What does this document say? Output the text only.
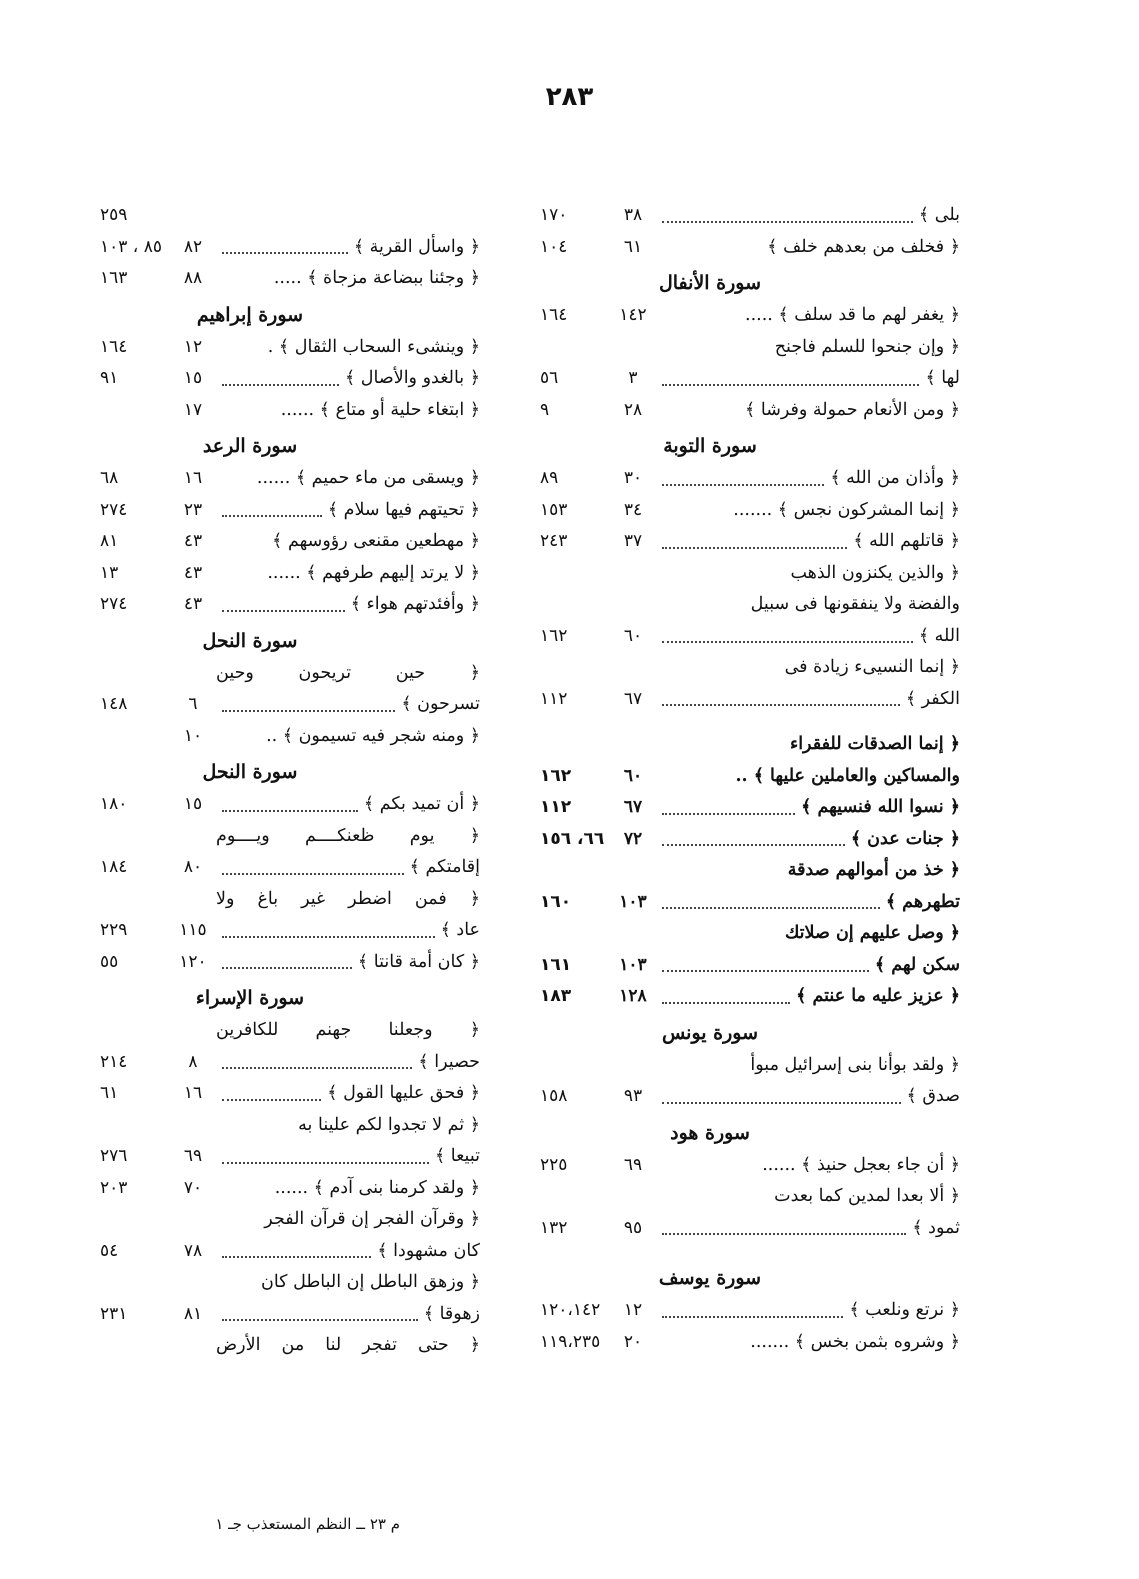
٢٨٣
بلى ﴾
٣٨
١٧٠
﴿ فخلف من بعدهم خلف ﴾
٦١
١٠٤
سورة الأنفال
﴿ يغفر لهم ما قد سلف ﴾ .....
١٤٢
١٦٤
﴿ وإن جنحوا للسلم فاجنح
لها ﴾
٣
٥٦
﴿ ومن الأنعام حمولة وفرشا ﴾
٢٨
٩
سورة التوبة
﴿ وأذان من الله ﴾
٣٠
٨٩
﴿ إنما المشركون نجس ﴾ .......
٣٤
١٥٣
﴿ قاتلهم الله ﴾
٣٧
٢٤٣
﴿ والذين يكنزون الذهب
والفضة ولا ينفقونها فى سبيل
الله ﴾
٦٠
١٦٢
﴿ إنما النسيىء زيادة فى
الكفر ﴾
٦٧
١١٢
﴿ إنما الصدقات للفقراء
والمساكين والعاملين عليها ﴾ ..
٦٠
١٦٢
﴿ نسوا الله فنسيهم ﴾
٦٧
١١٢
﴿ جنات عدن ﴾
٧٢
٦٦، ١٥٦
﴿ خذ من أموالهم صدقة
تطهرهم ﴾
١٠٣
١٦٠
﴿ وصل عليهم إن صلاتك
سكن لهم ﴾
١٠٣
١٦١
﴿ عزيز عليه ما عنتم ﴾
١٢٨
١٨٣
سورة يونس
﴿ ولقد بوأنا بنى إسرائيل مبوأ
صدق ﴾
٩٣
١٥٨
سورة هود
﴿ أن جاء بعجل حنيذ ﴾ ......
٦٩
٢٢٥
﴿ ألا بعدا لمدين كما بعدت
ثمود ﴾
٩٥
١٣٢
سورة يوسف
﴿ نرتع ونلعب ﴾
١٢
١٢٠،١٤٢
﴿ وشروه بثمن بخس ﴾ .......
٢٠
١١٩،٢٣٥
٢٥٩
﴿ واسأل القرية ﴾
٨٢
٨٥ ، ١٠٣
﴿ وجئنا ببضاعة مزجاة ﴾ .....
٨٨
١٦٣
سورة إبراهيم
﴿ وينشىء السحاب الثقال ﴾ .
١٢
١٦٤
﴿ بالغدو والأصال ﴾
١٥
٩١
﴿ ابتغاء حلية أو متاع ﴾ ......
١٧
سورة الرعد
﴿ ويسقى من ماء حميم ﴾ ......
١٦
٦٨
﴿ تحيتهم فيها سلام ﴾
٢٣
٢٧٤
﴿ مهطعين مقنعى رؤوسهم ﴾
٤٣
٨١
﴿ لا يرتد إليهم طرفهم ﴾ ......
٤٣
١٣
﴿ وأفئدتهم هواء ﴾
٤٣
٢٧٤
سورة النحل
﴿ حين تريحون وحين
تسرحون ﴾
٦
١٤٨
﴿ ومنه شجر فيه تسيمون ﴾ ..
١٠
سورة النحل
﴿ أن تميد بكم ﴾
١٥
١٨٠
﴿ يوم ظعنكــــم ويــــوم
إقامتكم ﴾
٨٠
١٨٤
﴿ فمن اضطر غير باغ ولا
عاد ﴾
١١٥
٢٢٩
﴿ كان أمة قانتا ﴾
١٢٠
٥٥
سورة الإسراء
﴿ وجعلنا جهنم للكافرين
حصيرا ﴾
٨
٢١٤
﴿ فحق عليها القول ﴾
١٦
٦١
﴿ ثم لا تجدوا لكم علينا به
تبيعا ﴾
٦٩
٢٧٦
﴿ ولقد كرمنا بنى آدم ﴾ ......
٧٠
٢٠٣
﴿ وقرآن الفجر إن قرآن الفجر
كان مشهودا ﴾
٧٨
٥٤
﴿ وزهق الباطل إن الباطل كان
زهوقا ﴾
٨١
٢٣١
﴿ حتى تفجر لنا من الأرض
م ٢٣ ــ النظم المستعذب جـ ١
